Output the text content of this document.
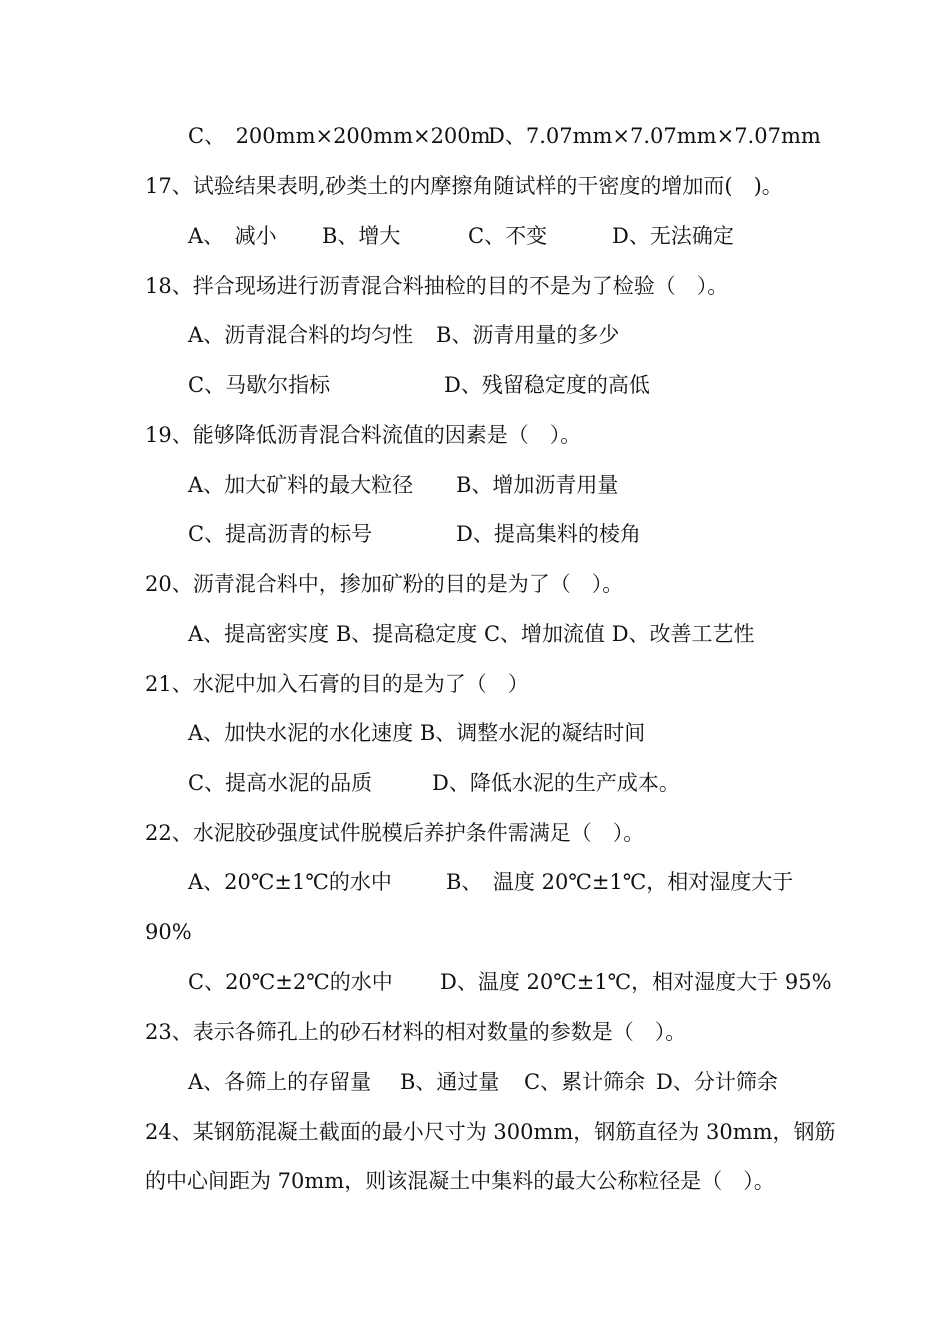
C、　200mm×200mm×200m

D、7.07mm×7.07mm×7.07mm

17、试验结果表明,砂类土的内摩擦角随试样的干密度的增加而(　)。

A、　减小

B、增大

	C、不变

	D、无法确定

18、拌合现场进行沥青混合料抽检的目的不是为了检验（　）。

A、沥青混合料的均匀性

B、沥青用量的多少

C、马歇尔指标

	D、残留稳定度的高低

19、能够降低沥青混合料流值的因素是（　）。

A、加大矿料的最大粒径

B、增加沥青用量

C、提高沥青的标号

	D、提高集料的棱角

20、沥青混合料中，掺加矿粉的目的是为了（　）。

A、提高密实度 B、提高稳定度 C、增加流值 D、改善工艺性

21、水泥中加入石膏的目的是为了（　）

A、加快水泥的水化速度 B、调整水泥的凝结时间

C、提高水泥的品质

	D、降低水泥的生产成本。

22、水泥胶砂强度试件脱模后养护条件需满足（　）。

A、20℃±1℃的水中

	B、　温度 20℃±1℃，相对湿度大于

90%

C、20℃±2℃的水中

D、温度 20℃±1℃，相对湿度大于 95%

23、表示各筛孔上的砂石材料的相对数量的参数是（　）。

A、各筛上的存留量

B、通过量

C、累计筛余

D、分计筛余

24、某钢筋混凝土截面的最小尺寸为 300mm，钢筋直径为 30mm，钢筋
的中心间距为 70mm，则该混凝土中集料的最大公称粒径是（　）。
